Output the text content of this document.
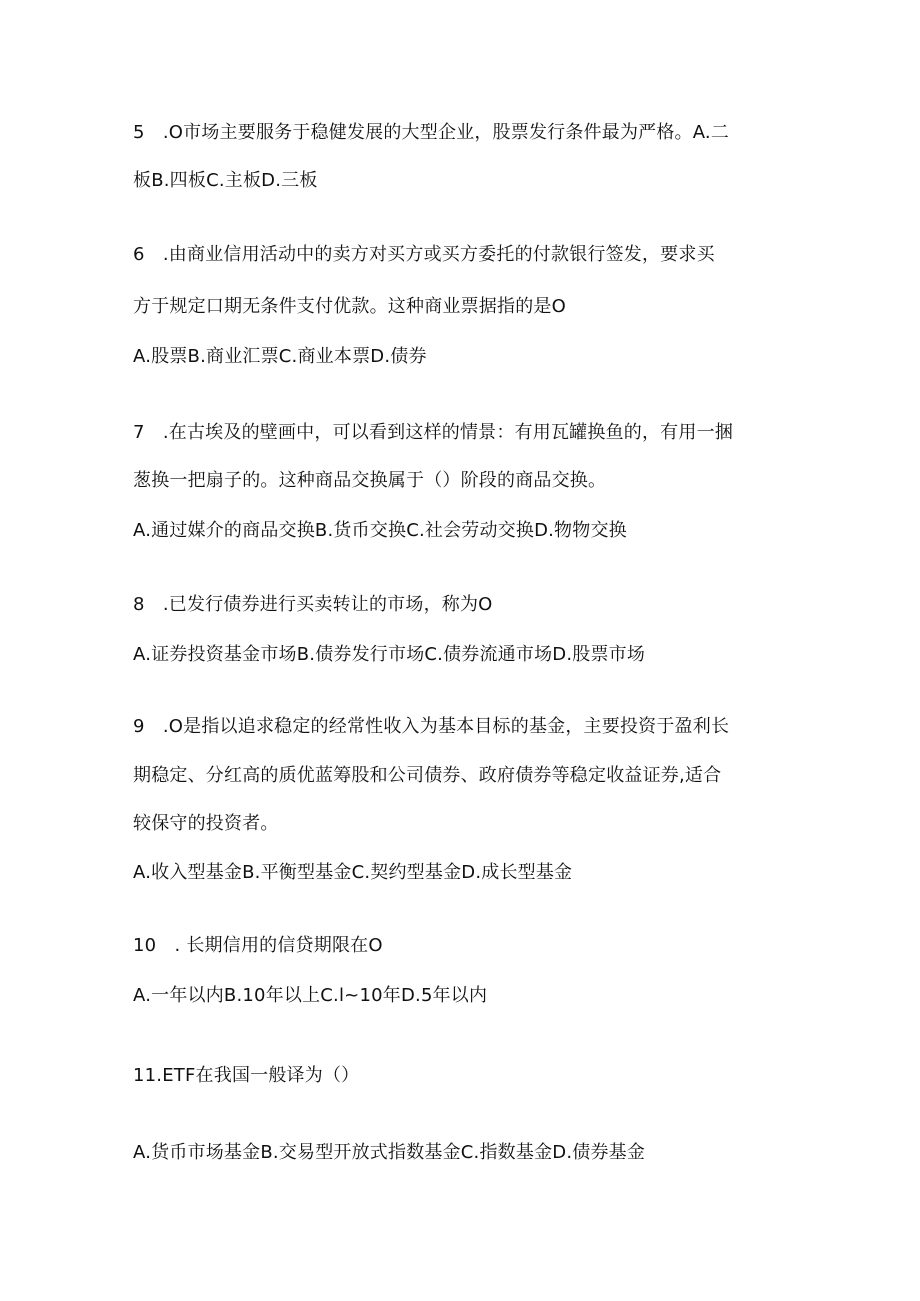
5　.O市场主要服务于稳健发展的大型企业，股票发行条件最为严格。A.二
板B.四板C.主板D.三板
6　.由商业信用活动中的卖方对买方或买方委托的付款银行签发，要求买
方于规定口期无条件支付优款。这种商业票据指的是O
A.股票B.商业汇票C.商业本票D.债券
7　.在古埃及的壁画中，可以看到这样的情景：有用瓦罐换鱼的，有用一捆
葱换一把扇子的。这种商品交换属于（）阶段的商品交换。
A.通过媒介的商品交换B.货币交换C.社会劳动交换D.物物交换
8　.已发行债券进行买卖转让的市场，称为O
A.证券投资基金市场B.债券发行市场C.债券流通市场D.股票市场
9　.O是指以追求稳定的经常性收入为基本目标的基金，主要投资于盈利长
期稳定、分红高的质优蓝筹股和公司债券、政府债券等稳定收益证券,适合
较保守的投资者。
A.收入型基金B.平衡型基金C.契约型基金D.成长型基金
10　. 长期信用的信贷期限在O
A.一年以内B.10年以上C.l~10年D.5年以内
11.ETF在我国一般译为（）
A.货币市场基金B.交易型开放式指数基金C.指数基金D.债券基金
